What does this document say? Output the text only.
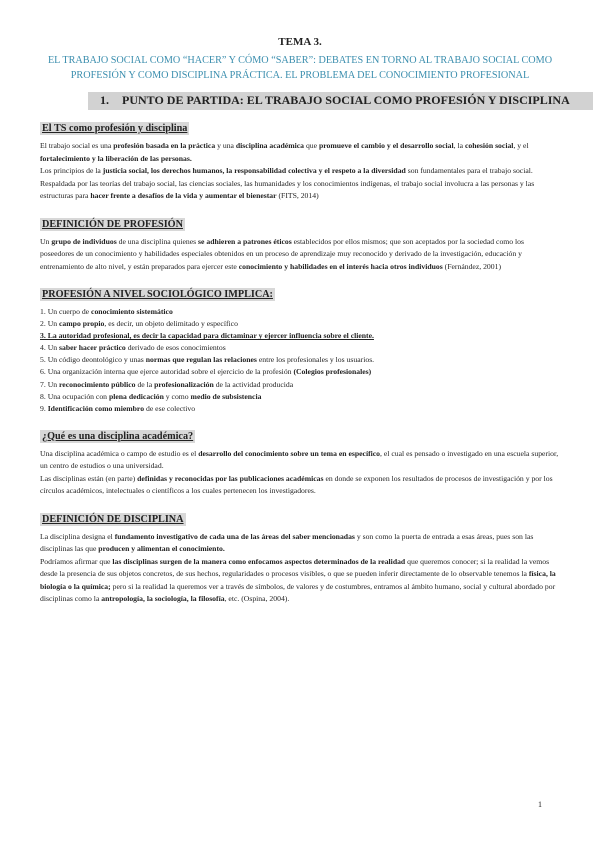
TEMA 3.
EL TRABAJO SOCIAL COMO “HACER” Y CÓMO “SABER”: DEBATES EN TORNO AL TRABAJO SOCIAL COMO
PROFESIÓN Y COMO DISCIPLINA PRÁCTICA. EL PROBLEMA DEL CONOCIMIENTO PROFESIONAL
1. PUNTO DE PARTIDA: EL TRABAJO SOCIAL COMO PROFESIÓN Y DISCIPLINA
El TS como profesión y disciplina

El trabajo social es una profesión basada en la práctica y una disciplina académica que promueve el cambio y el desarrollo social, la cohesión social, y el fortalecimiento y la liberación de las personas.

Los principios de la justicia social, los derechos humanos, la responsabilidad colectiva y el respeto a la diversidad son fundamentales para el trabajo social.

Respaldada por las teorías del trabajo social, las ciencias sociales, las humanidades y los conocimientos indígenas, el trabajo social involucra a las personas y las estructuras para hacer frente a desafíos de la vida y aumentar el bienestar (FITS, 2014)

DEFINICIÓN DE PROFESIÓN

Un grupo de individuos de una disciplina quienes se adhieren a patrones éticos establecidos por ellos mismos; que son aceptados por la sociedad como los poseedores de un conocimiento y habilidades especiales obtenidos en un proceso de aprendizaje muy reconocido y derivado de la investigación, educación y entrenamiento de alto nivel, y están preparados para ejercer este conocimiento y habilidades en el interés hacia otros individuos (Fernández, 2001)

PROFESIÓN A NIVEL SOCIOLÓGICO IMPLICA:

1. Un cuerpo de conocimiento sistemático

2. Un campo propio, es decir, un objeto delimitado y específico

3. La autoridad profesional, es decir la capacidad para dictaminar y ejercer influencia sobre el cliente.

4. Un saber hacer práctico derivado de esos conocimientos

5. Un código deontológico y unas normas que regulan las relaciones entre los profesionales y los usuarios.

6. Una organización interna que ejerce autoridad sobre el ejercicio de la profesión (Colegios profesionales)

7. Un reconocimiento público de la profesionalización de la actividad producida

8. Una ocupación con plena dedicación y como medio de subsistencia

9. Identificación como miembro de ese colectivo

¿Qué es una disciplina académica?

Una disciplina académica o campo de estudio es el desarrollo del conocimiento sobre un tema en específico, el cual es pensado o investigado en una escuela superior, un centro de estudios o una universidad.

Las disciplinas están (en parte) definidas y reconocidas por las publicaciones académicas en donde se exponen los resultados de procesos de investigación y por los círculos académicos, intelectuales o científicos a los cuales pertenecen los investigadores.

DEFINICIÓN DE DISCIPLINA

La disciplina designa el fundamento investigativo de cada una de las áreas del saber mencionadas y son como la puerta de entrada a esas áreas, pues son las disciplinas las que producen y alimentan el conocimiento.

Podríamos afirmar que las disciplinas surgen de la manera como enfocamos aspectos determinados de la realidad que queremos conocer; si la realidad la vemos desde la presencia de sus objetos concretos, de sus hechos, regularidades o procesos visibles, o que se pueden inferir directamente de lo observable tenemos la física, la biología o la química; pero si la realidad la queremos ver a través de símbolos, de valores y de costumbres, entramos al ámbito humano, social y cultural abordado por disciplinas como la antropología, la sociología, la filosofía, etc. (Ospina, 2004).

1
